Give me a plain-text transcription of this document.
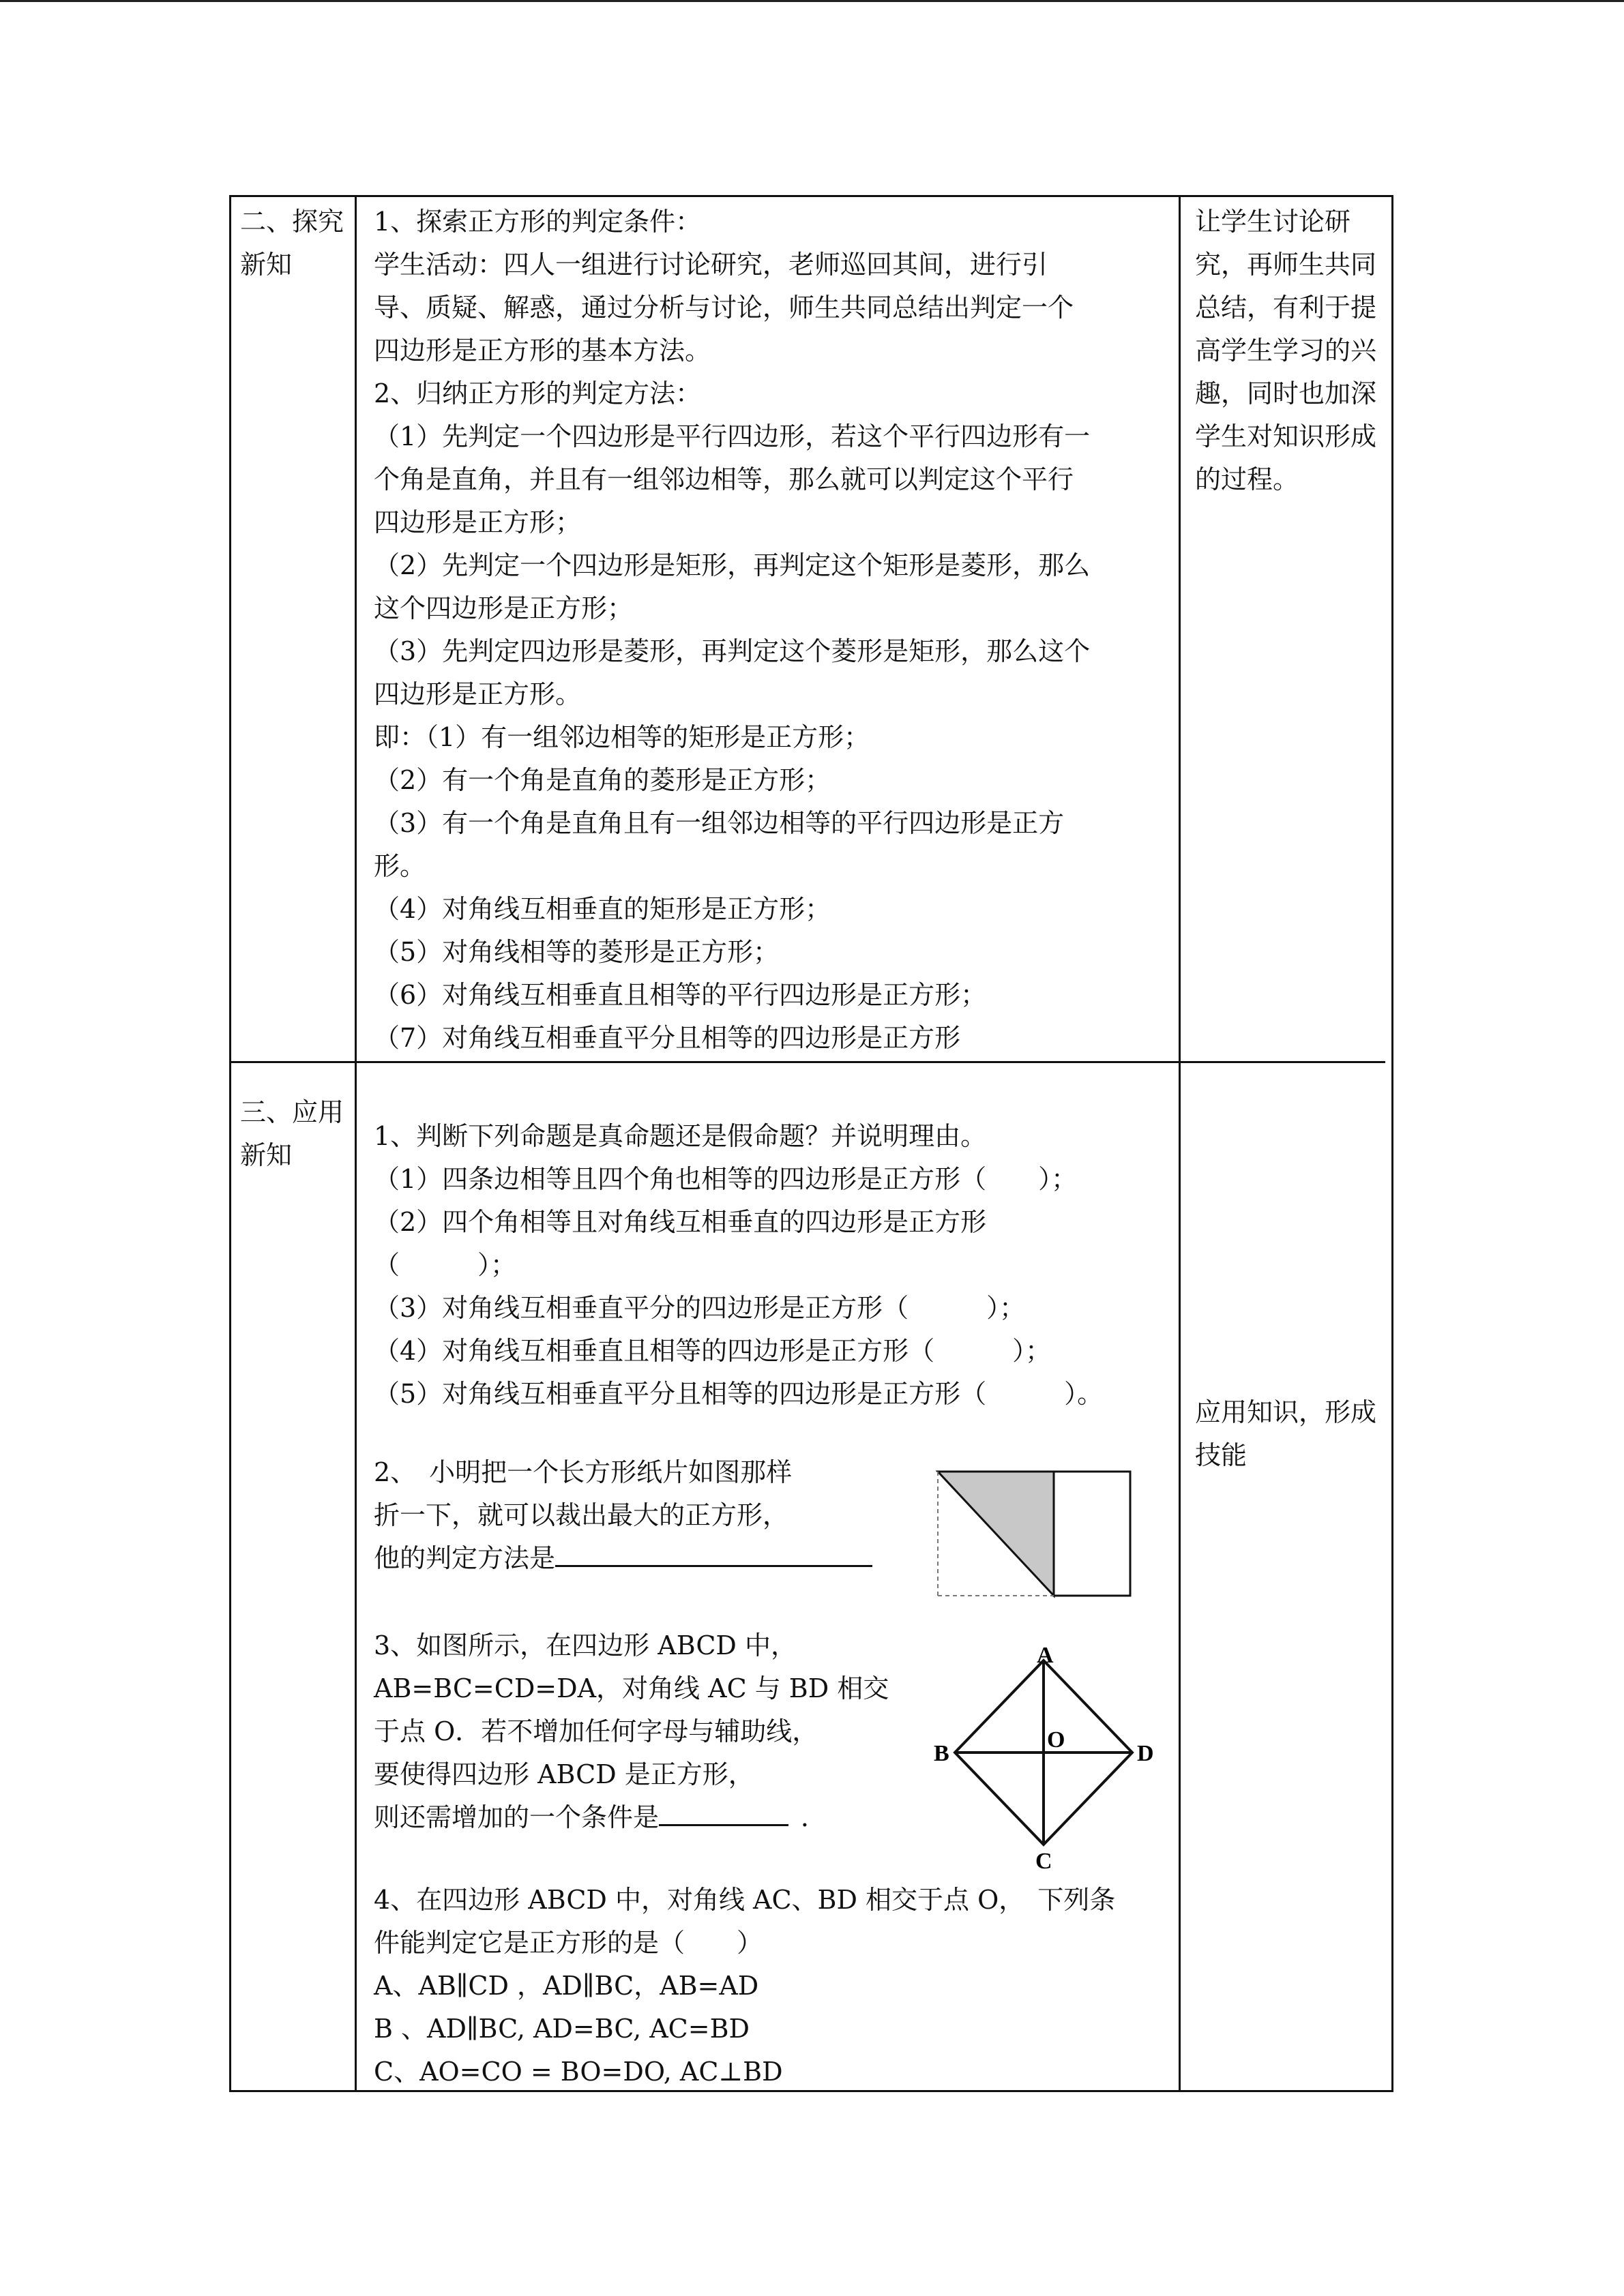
二、探究新知

1、探索正方形的判定条件：

学生活动：四人一组进行讨论研究，老师巡回其间，进行引

导、质疑、解惑，通过分析与讨论，师生共同总结出判定一个

四边形是正方形的基本方法。

2、归纳正方形的判定方法：

（1）先判定一个四边形是平行四边形，若这个平行四边形有一

个角是直角，并且有一组邻边相等，那么就可以判定这个平行

四边形是正方形；

（2）先判定一个四边形是矩形，再判定这个矩形是菱形，那么

这个四边形是正方形；

（3）先判定四边形是菱形，再判定这个菱形是矩形，那么这个

四边形是正方形。

即：（1）有一组邻边相等的矩形是正方形；

（2）有一个角是直角的菱形是正方形；

（3）有一个角是直角且有一组邻边相等的平行四边形是正方

形。

（4）对角线互相垂直的矩形是正方形；

（5）对角线相等的菱形是正方形；

（6）对角线互相垂直且相等的平行四边形是正方形；

（7）对角线互相垂直平分且相等的四边形是正方形

让学生讨论研究，再师生共同总结，有利于提高学生学习的兴趣，同时也加深学生对知识形成的过程。
三、应用新知

1、判断下列命题是真命题还是假命题？并说明理由。

（1）四条边相等且四个角也相等的四边形是正方形（　　）；

（2）四个角相等且对角线互相垂直的四边形是正方形

（　　　）；

（3）对角线互相垂直平分的四边形是正方形（　　　）；

（4）对角线互相垂直且相等的四边形是正方形（　　　）；

（5）对角线互相垂直平分且相等的四边形是正方形（　　　）。

2、　小明把一个长方形纸片如图那样

折一下，就可以裁出最大的正方形，

他的判定方法是

3、如图所示，在四边形 ABCD 中，

AB=BC=CD=DA，对角线 AC 与 BD 相交

于点 O．若不增加任何字母与辅助线，

要使得四边形 ABCD 是正方形，

则还需增加的一个条件是	．

A
B
C
D
O

4、在四边形 ABCD 中，对角线 AC、BD 相交于点 O，　下列条

件能判定它是正方形的是（　　）

A、AB∥CD ，AD∥BC，AB=AD

B 、AD∥BC, AD=BC, AC=BD

C、AO=CO = BO=DO, AC⊥BD

应用知识，形成技能
